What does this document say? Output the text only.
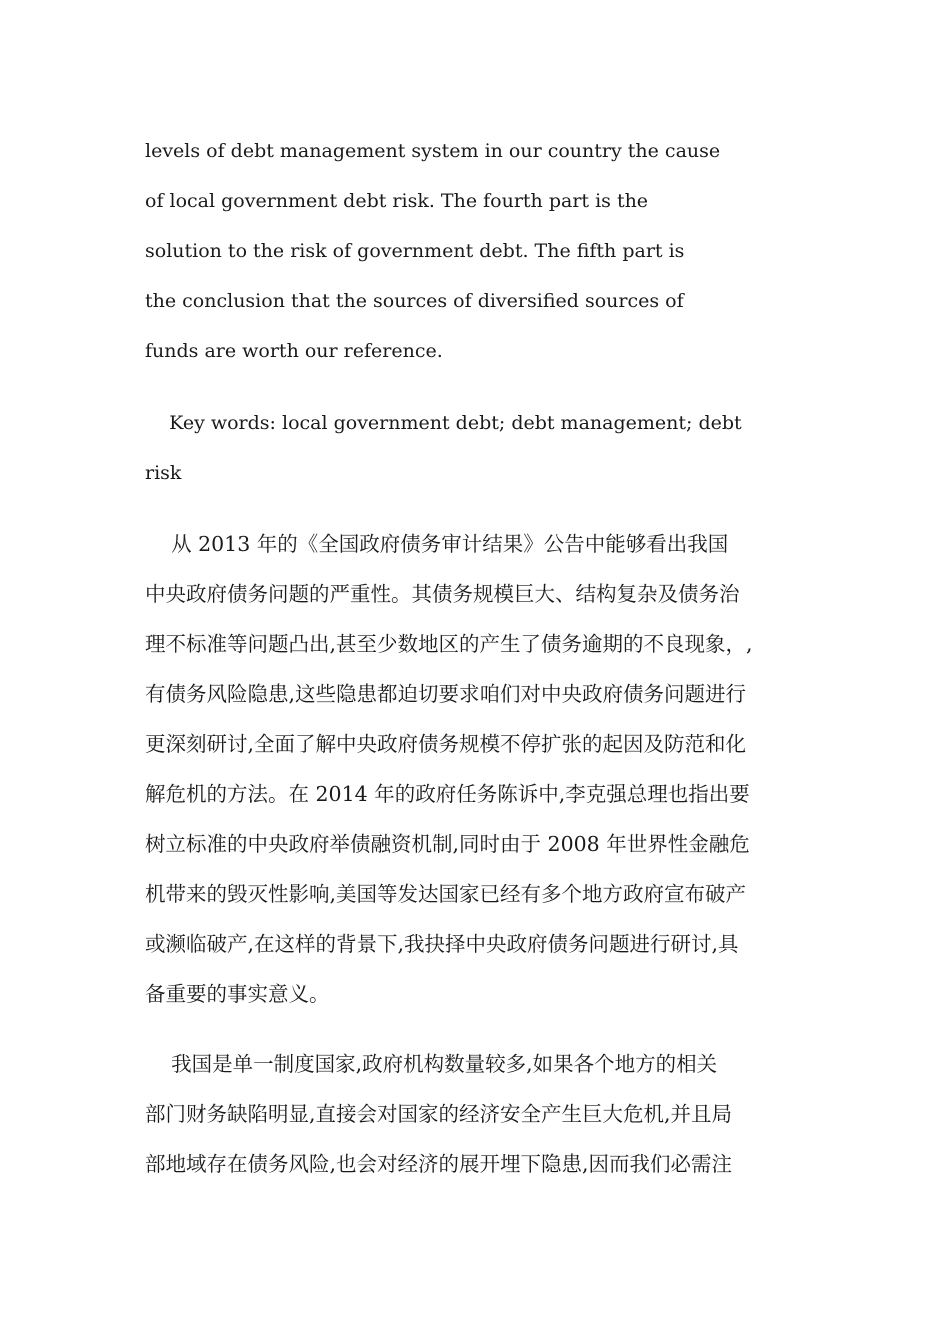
levels of debt management system in our country the cause

of local government debt risk. The fourth part is the

solution to the risk of government debt. The fifth part is

the conclusion that the sources of diversified sources of

funds are worth our reference.

Key words: local government debt; debt management; debt

risk

从 2013 年的《全国政府债务审计结果》公告中能够看出我国

中央政府债务问题的严重性。其债务规模巨大、结构复杂及债务治

理不标准等问题凸出,甚至少数地区的产生了债务逾期的不良现象，,

有债务风险隐患,这些隐患都迫切要求咱们对中央政府债务问题进行

更深刻研讨,全面了解中央政府债务规模不停扩张的起因及防范和化

解危机的方法。在 2014 年的政府任务陈诉中,李克强总理也指出要

树立标准的中央政府举债融资机制,同时由于 2008 年世界性金融危

机带来的毁灭性影响,美国等发达国家已经有多个地方政府宣布破产

或濒临破产,在这样的背景下,我抉择中央政府债务问题进行研讨,具

备重要的事实意义。

我国是单一制度国家,政府机构数量较多,如果各个地方的相关

部门财务缺陷明显,直接会对国家的经济安全产生巨大危机,并且局

部地域存在债务风险,也会对经济的展开埋下隐患,因而我们必需注
